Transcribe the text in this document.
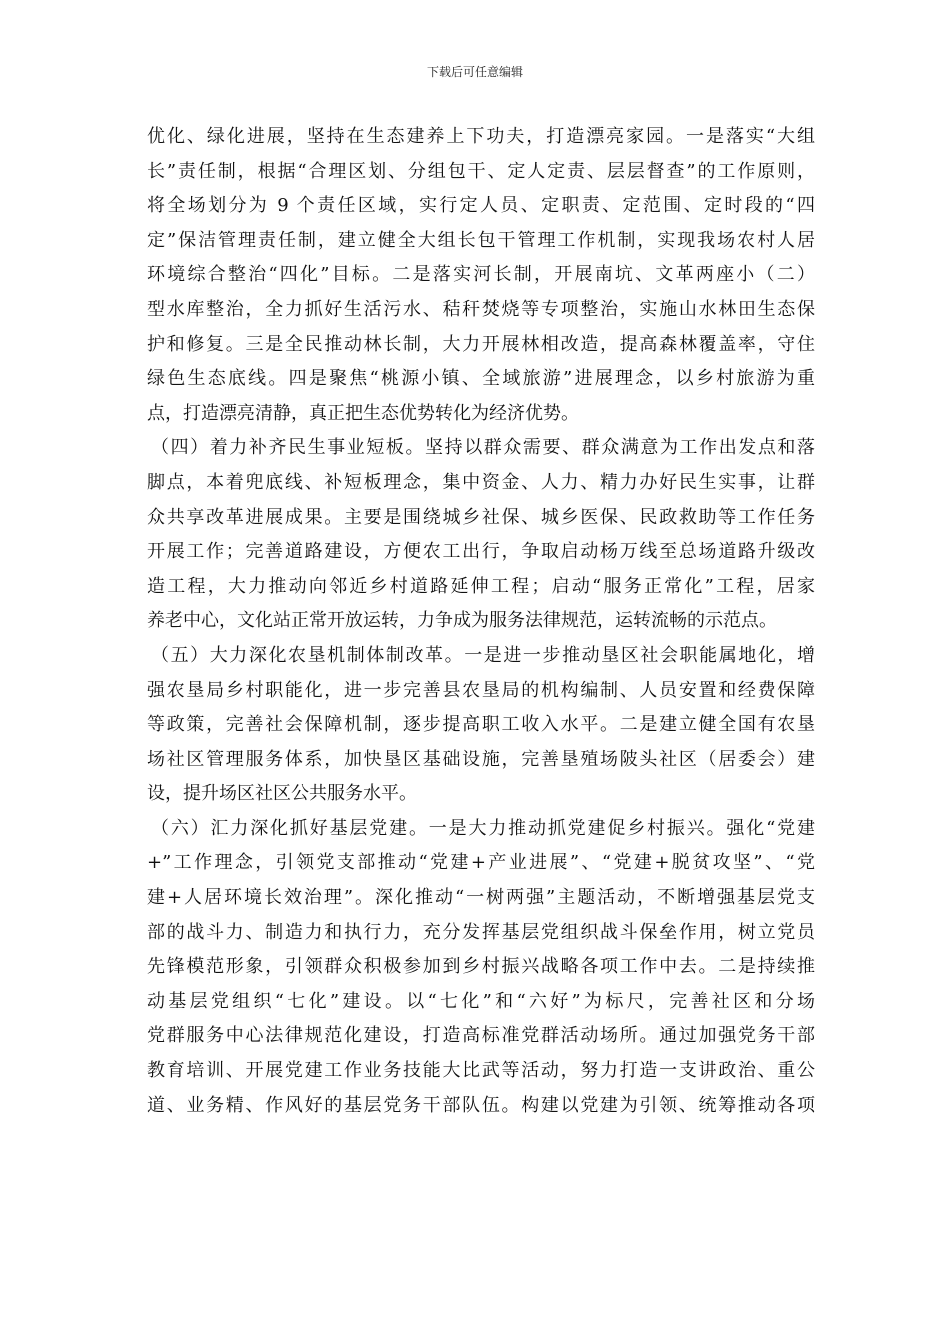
下载后可任意编辑
优化、绿化进展，坚持在生态建养上下功夫，打造漂亮家园。一是落实“大组
长”责任制，根据“合理区划、分组包干、定人定责、层层督查”的工作原则，
将全场划分为 9 个责任区域，实行定人员、定职责、定范围、定时段的“四
定”保洁管理责任制，建立健全大组长包干管理工作机制，实现我场农村人居
环境综合整治“四化”目标。二是落实河长制，开展南坑、文革两座小（二）
型水库整治，全力抓好生活污水、秸秆焚烧等专项整治，实施山水林田生态保
护和修复。三是全民推动林长制，大力开展林相改造，提高森林覆盖率，守住
绿色生态底线。四是聚焦“桃源小镇、全域旅游”进展理念，以乡村旅游为重
点，打造漂亮清静，真正把生态优势转化为经济优势。
（四）着力补齐民生事业短板。坚持以群众需要、群众满意为工作出发点和落
脚点，本着兜底线、补短板理念，集中资金、人力、精力办好民生实事，让群
众共享改革进展成果。主要是围绕城乡社保、城乡医保、民政救助等工作任务
开展工作；完善道路建设，方便农工出行，争取启动杨万线至总场道路升级改
造工程，大力推动向邻近乡村道路延伸工程；启动“服务正常化”工程，居家
养老中心，文化站正常开放运转，力争成为服务法律规范，运转流畅的示范点。
（五）大力深化农垦机制体制改革。一是进一步推动垦区社会职能属地化，增
强农垦局乡村职能化，进一步完善县农垦局的机构编制、人员安置和经费保障
等政策，完善社会保障机制，逐步提高职工收入水平。二是建立健全国有农垦
场社区管理服务体系，加快垦区基础设施，完善垦殖场陂头社区（居委会）建
设，提升场区社区公共服务水平。
（六）汇力深化抓好基层党建。一是大力推动抓党建促乡村振兴。强化“党建
+”工作理念，引领党支部推动“党建+产业进展”、“党建+脱贫攻坚”、“党
建+人居环境长效治理”。深化推动“一树两强”主题活动，不断增强基层党支
部的战斗力、制造力和执行力，充分发挥基层党组织战斗保垒作用，树立党员
先锋模范形象，引领群众积极参加到乡村振兴战略各项工作中去。二是持续推
动基层党组织“七化”建设。以“七化”和“六好”为标尺，完善社区和分场
党群服务中心法律规范化建设，打造高标准党群活动场所。通过加强党务干部
教育培训、开展党建工作业务技能大比武等活动，努力打造一支讲政治、重公
道、业务精、作风好的基层党务干部队伍。构建以党建为引领、统筹推动各项
